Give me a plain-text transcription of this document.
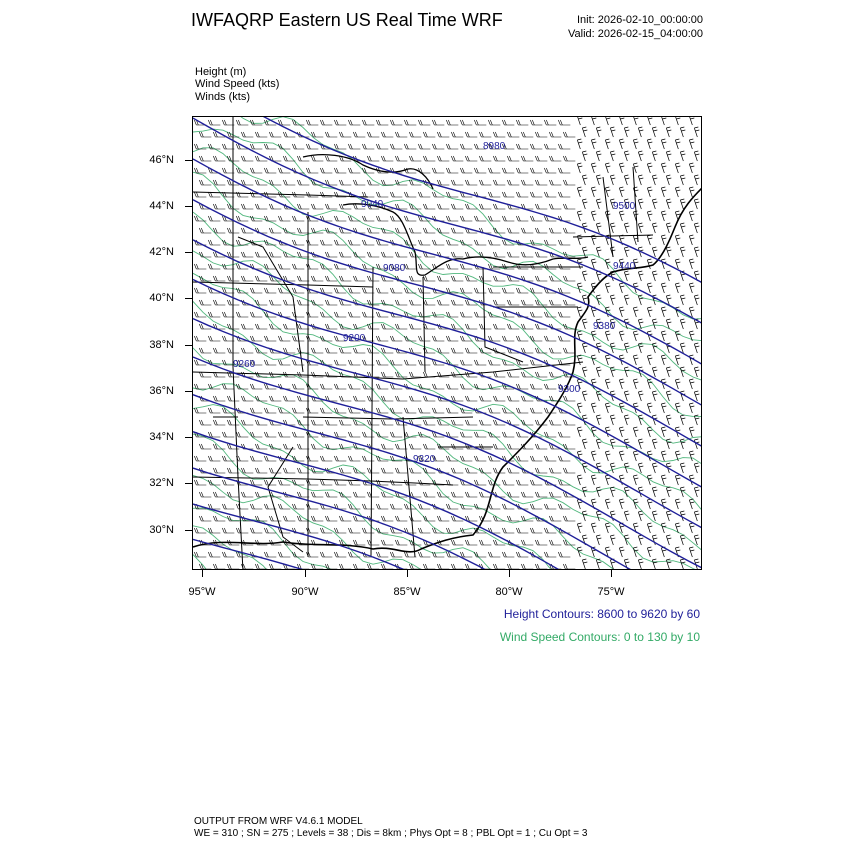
IWFAQRP Eastern US Real Time WRF	Init: 2026-02-10_00:00:00
Valid: 2026-02-15_04:00:00
Height (m)
Wind Speed (kts)
Winds (kts)
46°N
44°N
42°N
40°N
38°N
36°N
34°N
32°N
30°N
95°W	90°W	85°W	80°W	75°W
8980
9040
9080
9200
9260
9300
9320
9380
9440
9500
Height Contours: 8600 to 9620 by 60
Wind Speed Contours: 0 to 130 by 10
OUTPUT FROM WRF V4.6.1 MODEL
WE = 310 ; SN = 275 ; Levels = 38 ; Dis = 8km ; Phys Opt = 8 ; PBL Opt = 1 ; Cu Opt = 3
